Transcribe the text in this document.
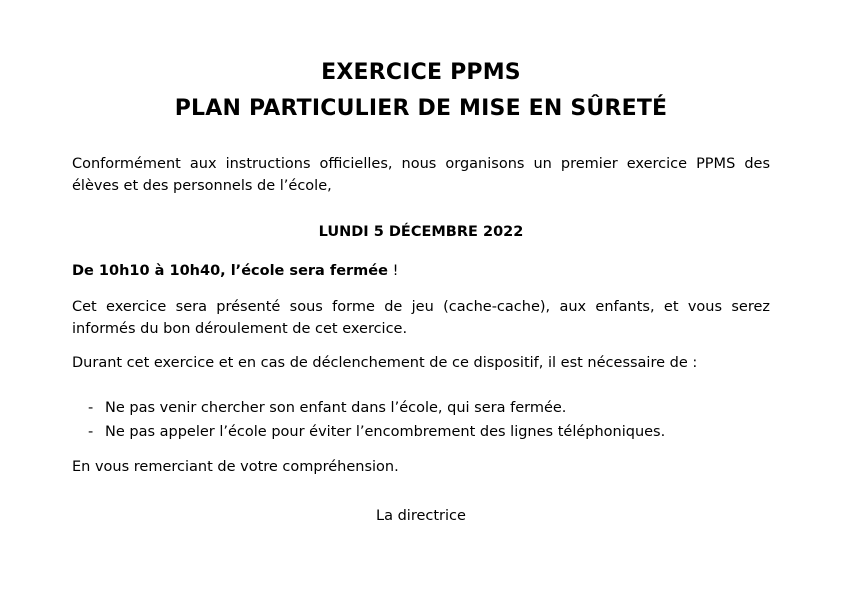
EXERCICE PPMS
PLAN PARTICULIER DE MISE EN SÛRETÉ
Conformément aux instructions officielles, nous organisons un premier exercice PPMS des élèves et des personnels de l’école,
LUNDI 5 DÉCEMBRE 2022
De 10h10 à 10h40, l’école sera fermée !
Cet exercice sera présenté sous forme de jeu (cache-cache), aux enfants, et vous serez informés du bon déroulement de cet exercice.
Durant cet exercice et en cas de déclenchement de ce dispositif, il est nécessaire de :
- Ne pas venir chercher son enfant dans l’école, qui sera fermée.
- Ne pas appeler l’école pour éviter l’encombrement des lignes téléphoniques.
En vous remerciant de votre compréhension.
La directrice
